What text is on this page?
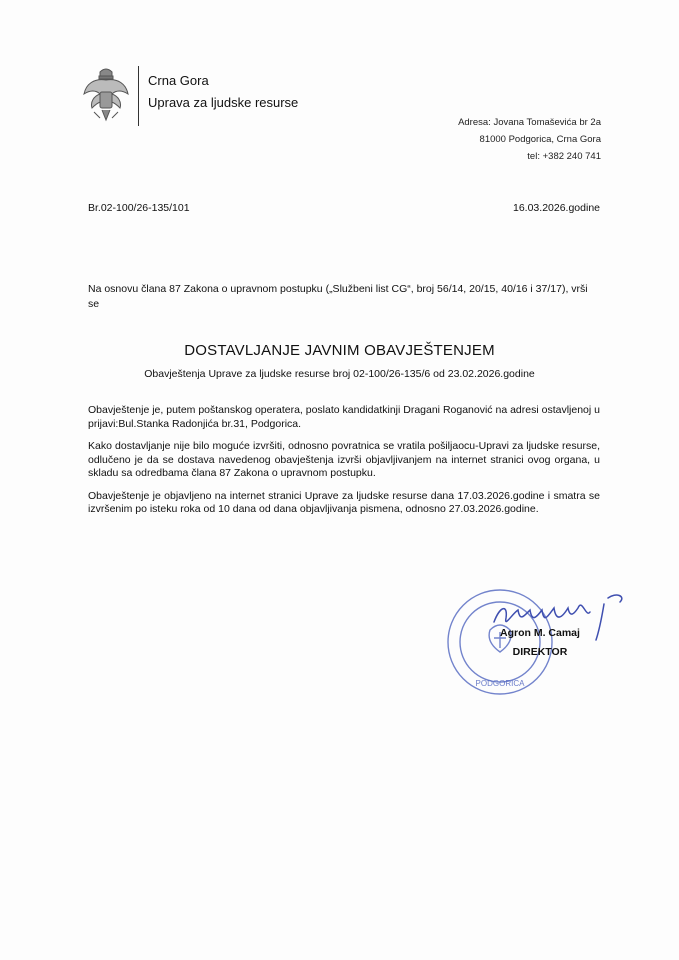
Crna Gora
Uprava za ljudske resurse
Adresa: Jovana Tomaševića br 2a
81000 Podgorica, Crna Gora
tel: +382 240 741
Br.02-100/26-135/101	16.03.2026.godine
Na osnovu člana 87 Zakona o upravnom postupku („Službeni list CG“, broj 56/14, 20/15, 40/16 i 37/17), vrši se
DOSTAVLJANJE JAVNIM OBAVJEŠTENJEM
Obavještenja Uprave za ljudske resurse broj 02-100/26-135/6 od 23.02.2026.godine

Obavještenje je, putem poštanskog operatera, poslato kandidatkinji Dragani Roganović na adresi ostavljenoj u prijavi:Bul.Stanka Radonjića br.31, Podgorica.

Kako dostavljanje nije bilo moguće izvršiti, odnosno povratnica se vratila pošiljaocu-Upravi za ljudske resurse, odlučeno je da se dostava navedenog obavještenja izvrši objavljivanjem na internet stranici ovog organa, u skladu sa odredbama člana 87 Zakona o upravnom postupku.

Obavještenje je objavljeno na internet stranici Uprave za ljudske resurse dana 17.03.2026.godine i smatra se izvršenim po isteku roka od 10 dana od dana objavljivanja pismena, odnosno 27.03.2026.godine.

PODGORICA
Agron M. Camaj
DIREKTOR
